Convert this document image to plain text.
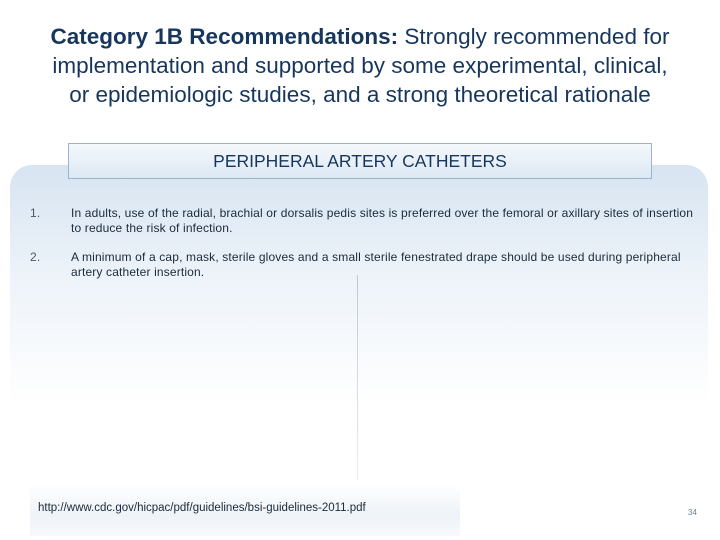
Category 1B Recommendations: Strongly recommended for
implementation and supported by some experimental, clinical,
or epidemiologic studies, and a strong theoretical rationale
PERIPHERAL ARTERY CATHETERS
1.	In adults, use of the radial, brachial or dorsalis pedis sites is preferred over the femoral or axillary sites of insertion to reduce the risk of infection.
2.	A minimum of a cap, mask, sterile gloves and a small sterile fenestrated drape should be used during peripheral artery catheter insertion.
http://www.cdc.gov/hicpac/pdf/guidelines/bsi-guidelines-2011.pdf	34
